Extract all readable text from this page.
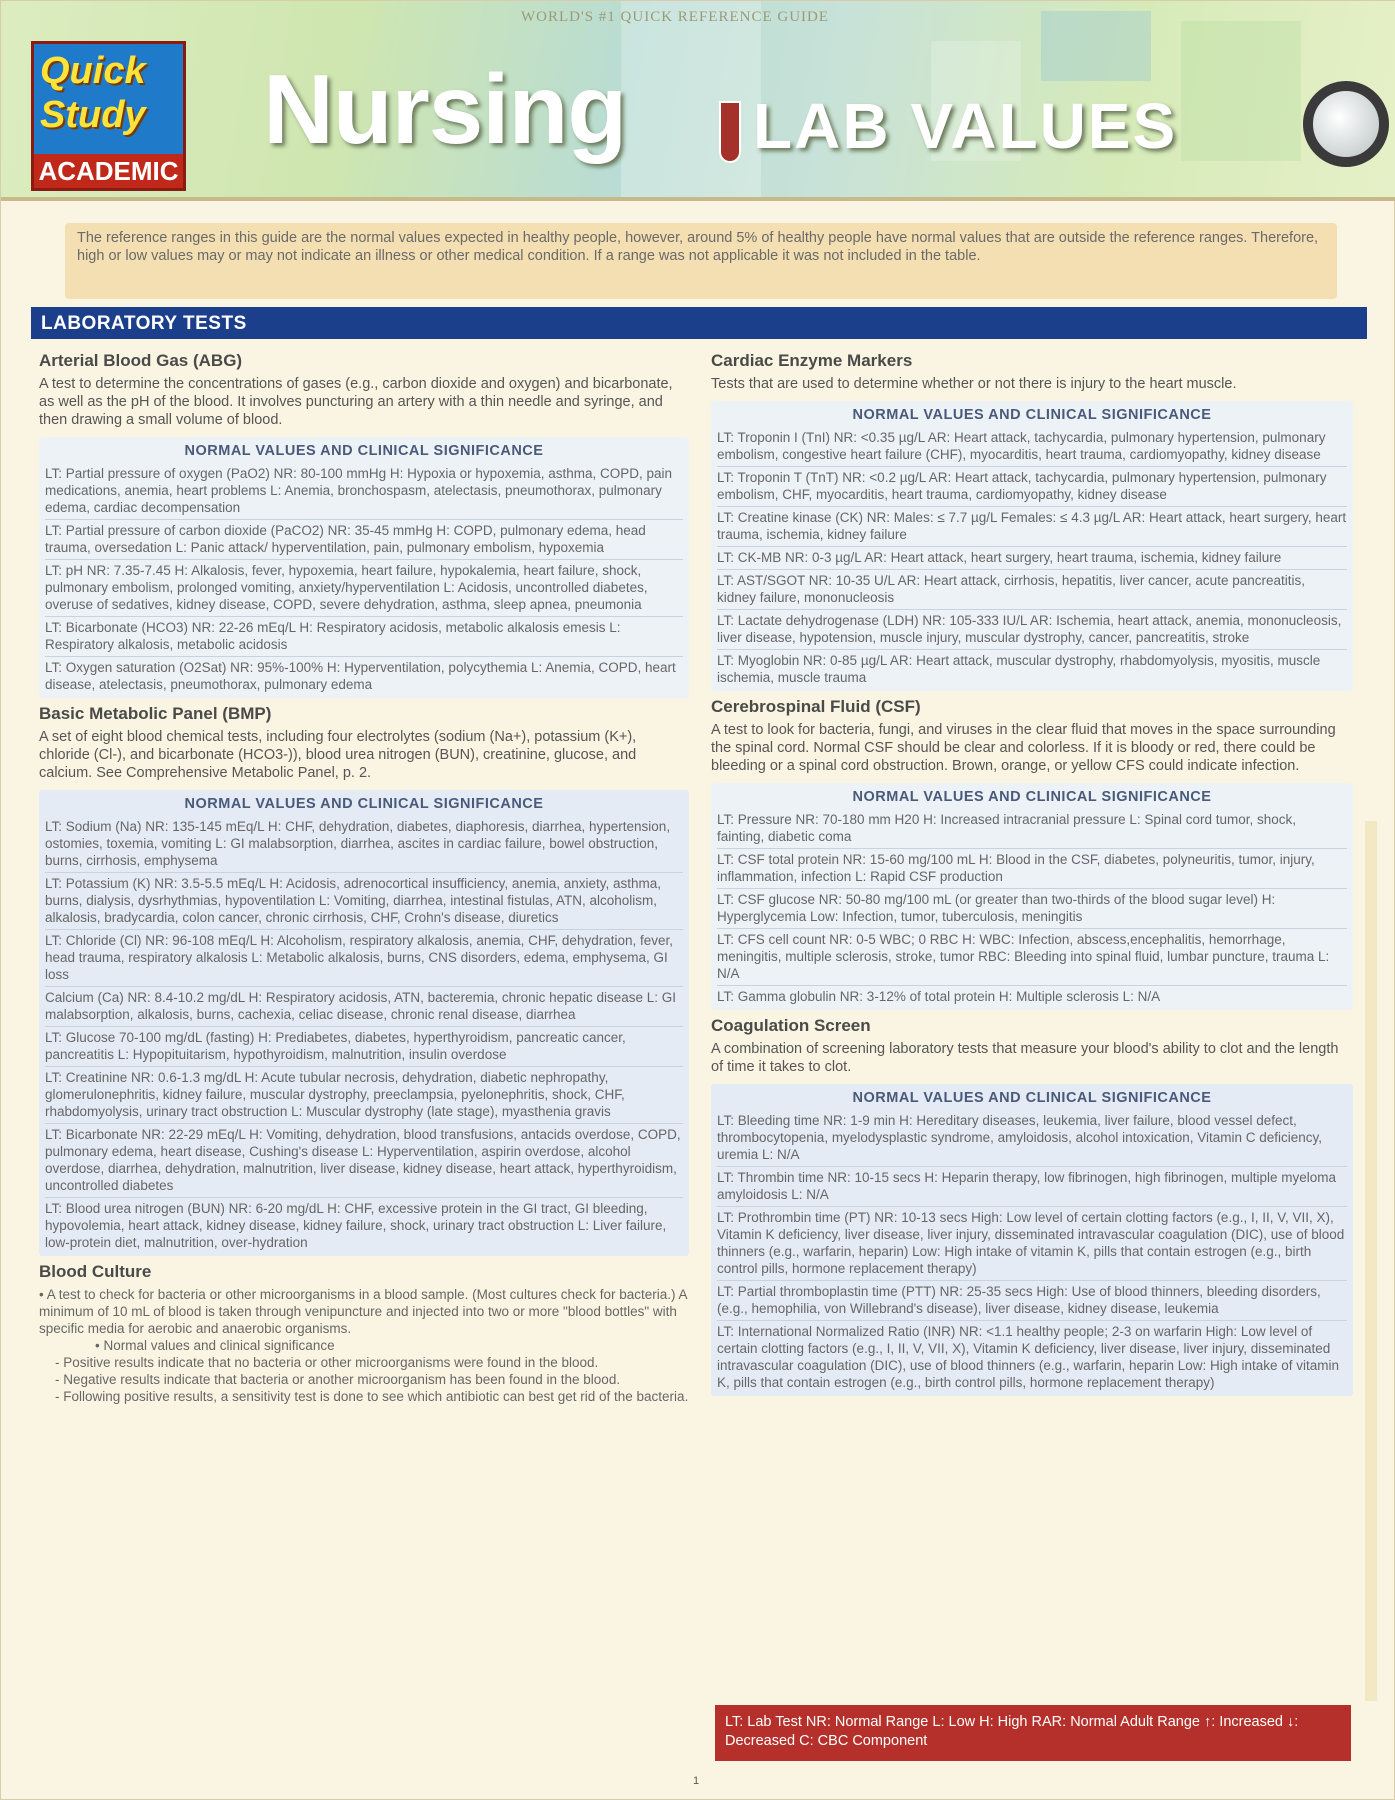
WORLD'S #1 QUICK REFERENCE GUIDE
Quick
Study
ACADEMIC
Nursing LAB VALUES
The reference ranges in this guide are the normal values expected in healthy people, however, around 5% of healthy people have normal values that are outside the reference ranges. Therefore, high or low values may or may not indicate an illness or other medical condition. If a range was not applicable it was not included in the table.
LABORATORY TESTS
Arterial Blood Gas (ABG)

A test to determine the concentrations of gases (e.g., carbon dioxide and oxygen) and bicarbonate, as well as the pH of the blood. It involves puncturing an artery with a thin needle and syringe, and then drawing a small volume of blood.

NORMAL VALUES AND CLINICAL SIGNIFICANCE
LT: Partial pressure of oxygen (PaO2) NR: 80-100 mmHg H: Hypoxia or hypoxemia, asthma, COPD, pain medications, anemia, heart problems L: Anemia, bronchospasm, atelectasis, pneumothorax, pulmonary edema, cardiac decompensation
LT: Partial pressure of carbon dioxide (PaCO2) NR: 35-45 mmHg H: COPD, pulmonary edema, head trauma, oversedation L: Panic attack/ hyperventilation, pain, pulmonary embolism, hypoxemia
LT: pH NR: 7.35-7.45 H: Alkalosis, fever, hypoxemia, heart failure, hypokalemia, heart failure, shock, pulmonary embolism, prolonged vomiting, anxiety/hyperventilation L: Acidosis, uncontrolled diabetes, overuse of sedatives, kidney disease, COPD, severe dehydration, asthma, sleep apnea, pneumonia
LT: Bicarbonate (HCO3) NR: 22-26 mEq/L H: Respiratory acidosis, metabolic alkalosis emesis L: Respiratory alkalosis, metabolic acidosis
LT: Oxygen saturation (O2Sat) NR: 95%-100% H: Hyperventilation, polycythemia L: Anemia, COPD, heart disease, atelectasis, pneumothorax, pulmonary edema
Basic Metabolic Panel (BMP)

A set of eight blood chemical tests, including four electrolytes (sodium (Na+), potassium (K+), chloride (Cl-), and bicarbonate (HCO3-)), blood urea nitrogen (BUN), creatinine, glucose, and calcium. See Comprehensive Metabolic Panel, p. 2.

NORMAL VALUES AND CLINICAL SIGNIFICANCE
LT: Sodium (Na) NR: 135-145 mEq/L H: CHF, dehydration, diabetes, diaphoresis, diarrhea, hypertension, ostomies, toxemia, vomiting L: GI malabsorption, diarrhea, ascites in cardiac failure, bowel obstruction, burns, cirrhosis, emphysema
LT: Potassium (K) NR: 3.5-5.5 mEq/L H: Acidosis, adrenocortical insufficiency, anemia, anxiety, asthma, burns, dialysis, dysrhythmias, hypoventilation L: Vomiting, diarrhea, intestinal fistulas, ATN, alcoholism, alkalosis, bradycardia, colon cancer, chronic cirrhosis, CHF, Crohn's disease, diuretics
LT: Chloride (Cl) NR: 96-108 mEq/L H: Alcoholism, respiratory alkalosis, anemia, CHF, dehydration, fever, head trauma, respiratory alkalosis L: Metabolic alkalosis, burns, CNS disorders, edema, emphysema, GI loss
Calcium (Ca) NR: 8.4-10.2 mg/dL H: Respiratory acidosis, ATN, bacteremia, chronic hepatic disease L: GI malabsorption, alkalosis, burns, cachexia, celiac disease, chronic renal disease, diarrhea
LT: Glucose 70-100 mg/dL (fasting) H: Prediabetes, diabetes, hyperthyroidism, pancreatic cancer, pancreatitis L: Hypopituitarism, hypothyroidism, malnutrition, insulin overdose
LT: Creatinine NR: 0.6-1.3 mg/dL H: Acute tubular necrosis, dehydration, diabetic nephropathy, glomerulonephritis, kidney failure, muscular dystrophy, preeclampsia, pyelonephritis, shock, CHF, rhabdomyolysis, urinary tract obstruction L: Muscular dystrophy (late stage), myasthenia gravis
LT: Bicarbonate NR: 22-29 mEq/L H: Vomiting, dehydration, blood transfusions, antacids overdose, COPD, pulmonary edema, heart disease, Cushing's disease L: Hyperventilation, aspirin overdose, alcohol overdose, diarrhea, dehydration, malnutrition, liver disease, kidney disease, heart attack, hyperthyroidism, uncontrolled diabetes
LT: Blood urea nitrogen (BUN) NR: 6-20 mg/dL H: CHF, excessive protein in the GI tract, GI bleeding, hypovolemia, heart attack, kidney disease, kidney failure, shock, urinary tract obstruction L: Liver failure, low-protein diet, malnutrition, over-hydration
Blood Culture
• A test to check for bacteria or other microorganisms in a blood sample. (Most cultures check for bacteria.) A minimum of 10 mL of blood is taken through venipuncture and injected into two or more "blood bottles" with specific media for aerobic and anaerobic organisms.
• Normal values and clinical significance
- Positive results indicate that no bacteria or other microorganisms were found in the blood.
- Negative results indicate that bacteria or another microorganism has been found in the blood.
- Following positive results, a sensitivity test is done to see which antibiotic can best get rid of the bacteria.
Cardiac Enzyme Markers

Tests that are used to determine whether or not there is injury to the heart muscle.

NORMAL VALUES AND CLINICAL SIGNIFICANCE
LT: Troponin I (TnI) NR: <0.35 µg/L AR: Heart attack, tachycardia, pulmonary hypertension, pulmonary embolism, congestive heart failure (CHF), myocarditis, heart trauma, cardiomyopathy, kidney disease
LT: Troponin T (TnT) NR: <0.2 µg/L AR: Heart attack, tachycardia, pulmonary hypertension, pulmonary embolism, CHF, myocarditis, heart trauma, cardiomyopathy, kidney disease
LT: Creatine kinase (CK) NR: Males: ≤ 7.7 µg/L Females: ≤ 4.3 µg/L AR: Heart attack, heart surgery, heart trauma, ischemia, kidney failure
LT: CK-MB NR: 0-3 µg/L AR: Heart attack, heart surgery, heart trauma, ischemia, kidney failure
LT: AST/SGOT NR: 10-35 U/L AR: Heart attack, cirrhosis, hepatitis, liver cancer, acute pancreatitis, kidney failure, mononucleosis
LT: Lactate dehydrogenase (LDH) NR: 105-333 IU/L AR: Ischemia, heart attack, anemia, mononucleosis, liver disease, hypotension, muscle injury, muscular dystrophy, cancer, pancreatitis, stroke
LT: Myoglobin NR: 0-85 µg/L AR: Heart attack, muscular dystrophy, rhabdomyolysis, myositis, muscle ischemia, muscle trauma
Cerebrospinal Fluid (CSF)

A test to look for bacteria, fungi, and viruses in the clear fluid that moves in the space surrounding the spinal cord. Normal CSF should be clear and colorless. If it is bloody or red, there could be bleeding or a spinal cord obstruction. Brown, orange, or yellow CFS could indicate infection.

NORMAL VALUES AND CLINICAL SIGNIFICANCE
LT: Pressure NR: 70-180 mm H20 H: Increased intracranial pressure L: Spinal cord tumor, shock, fainting, diabetic coma
LT: CSF total protein NR: 15-60 mg/100 mL H: Blood in the CSF, diabetes, polyneuritis, tumor, injury, inflammation, infection L: Rapid CSF production
LT: CSF glucose NR: 50-80 mg/100 mL (or greater than two-thirds of the blood sugar level) H: Hyperglycemia Low: Infection, tumor, tuberculosis, meningitis
LT: CFS cell count NR: 0-5 WBC; 0 RBC H: WBC: Infection, abscess,encephalitis, hemorrhage, meningitis, multiple sclerosis, stroke, tumor RBC: Bleeding into spinal fluid, lumbar puncture, trauma L: N/A
LT: Gamma globulin NR: 3-12% of total protein H: Multiple sclerosis L: N/A
Coagulation Screen

A combination of screening laboratory tests that measure your blood's ability to clot and the length of time it takes to clot.

NORMAL VALUES AND CLINICAL SIGNIFICANCE
LT: Bleeding time NR: 1-9 min H: Hereditary diseases, leukemia, liver failure, blood vessel defect, thrombocytopenia, myelodysplastic syndrome, amyloidosis, alcohol intoxication, Vitamin C deficiency, uremia L: N/A
LT: Thrombin time NR: 10-15 secs H: Heparin therapy, low fibrinogen, high fibrinogen, multiple myeloma amyloidosis L: N/A
LT: Prothrombin time (PT) NR: 10-13 secs High: Low level of certain clotting factors (e.g., I, II, V, VII, X), Vitamin K deficiency, liver disease, liver injury, disseminated intravascular coagulation (DIC), use of blood thinners (e.g., warfarin, heparin) Low: High intake of vitamin K, pills that contain estrogen (e.g., birth control pills, hormone replacement therapy)
LT: Partial thromboplastin time (PTT) NR: 25-35 secs High: Use of blood thinners, bleeding disorders, (e.g., hemophilia, von Willebrand's disease), liver disease, kidney disease, leukemia
LT: International Normalized Ratio (INR) NR: <1.1 healthy people; 2-3 on warfarin High: Low level of certain clotting factors (e.g., I, II, V, VII, X), Vitamin K deficiency, liver disease, liver injury, disseminated intravascular coagulation (DIC), use of blood thinners (e.g., warfarin, heparin Low: High intake of vitamin K, pills that contain estrogen (e.g., birth control pills, hormone replacement therapy)
LT: Lab Test NR: Normal Range L: Low H: High RAR: Normal Adult Range ↑: Increased ↓: Decreased C: CBC Component
1
